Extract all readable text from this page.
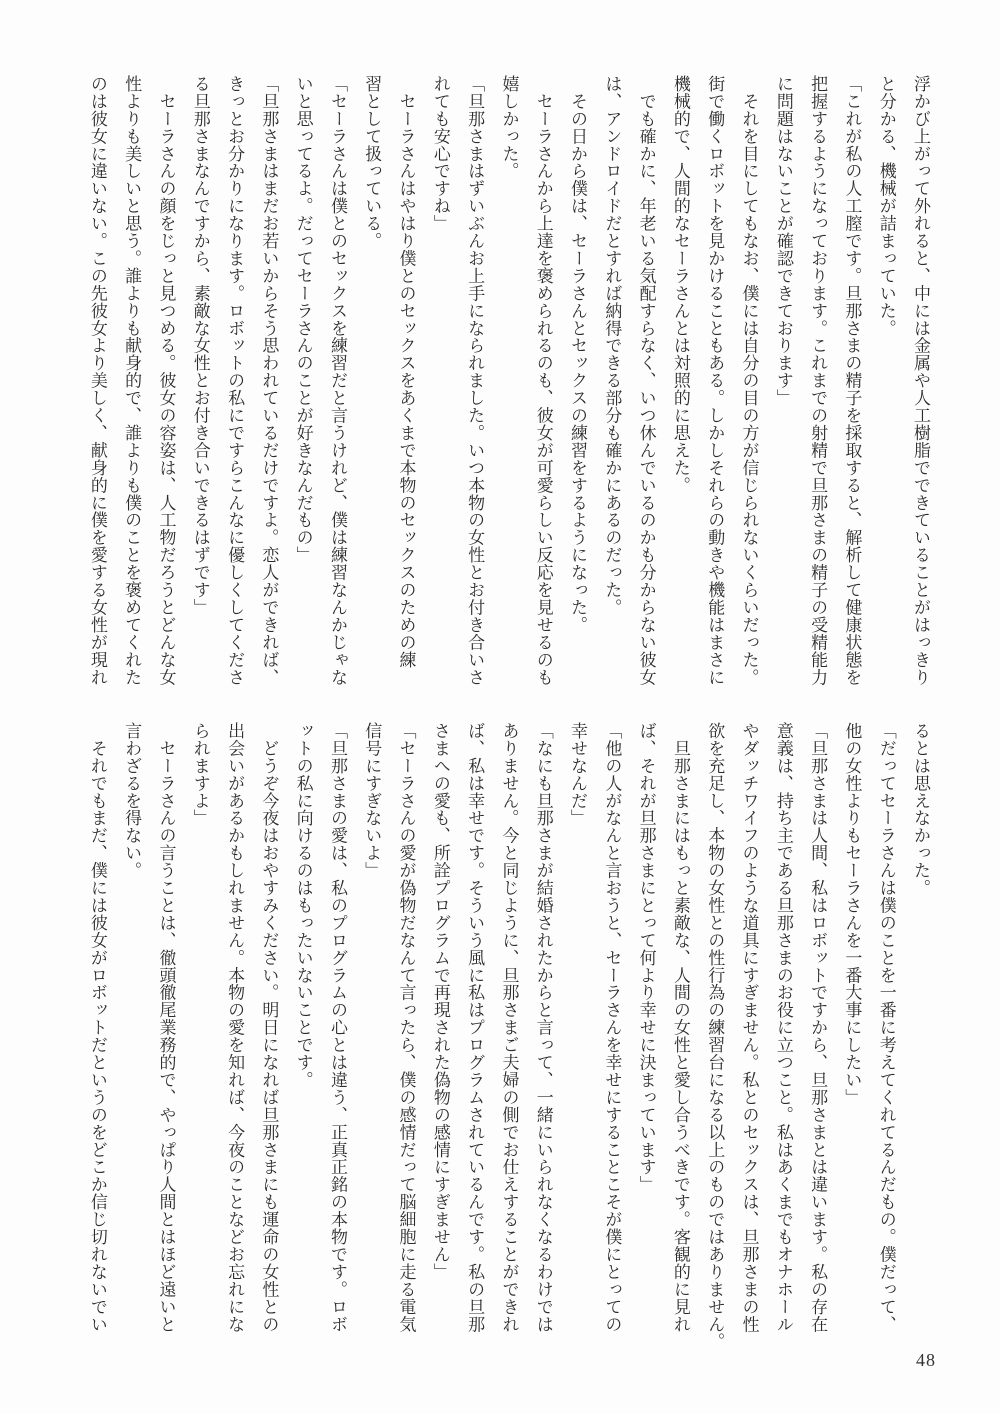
浮かび上がって外れると、中には金属や人工樹脂でできていることがはっきり

と分かる、機械が詰まっていた。

「これが私の人工膣です。旦那さまの精子を採取すると、解析して健康状態を

把握するようになっております。これまでの射精で旦那さまの精子の受精能力

に問題はないことが確認できております」

　それを目にしてもなお、僕には自分の目の方が信じられないくらいだった。

街で働くロボットを見かけることもある。しかしそれらの動きや機能はまさに

機械的で、人間的なセーラさんとは対照的に思えた。

　でも確かに、年老いる気配すらなく、いつ休んでいるのかも分からない彼女

は、アンドロイドだとすれば納得できる部分も確かにあるのだった。

　その日から僕は、セーラさんとセックスの練習をするようになった。

　セーラさんから上達を褒められるのも、彼女が可愛らしい反応を見せるのも

嬉しかった。

「旦那さまはずいぶんお上手になられました。いつ本物の女性とお付き合いさ

れても安心ですね」

　セーラさんはやはり僕とのセックスをあくまで本物のセックスのための練

習として扱っている。

「セーラさんは僕とのセックスを練習だと言うけれど、僕は練習なんかじゃな

いと思ってるよ。だってセーラさんのことが好きなんだもの」

「旦那さまはまだお若いからそう思われているだけですよ。恋人ができれば、

きっとお分かりになります。ロボットの私にですらこんなに優しくしてくださ

る旦那さまなんですから、素敵な女性とお付き合いできるはずです」

　セーラさんの顔をじっと見つめる。彼女の容姿は、人工物だろうとどんな女

性よりも美しいと思う。誰よりも献身的で、誰よりも僕のことを褒めてくれた

のは彼女に違いない。この先彼女より美しく、献身的に僕を愛する女性が現れ

るとは思えなかった。

「だってセーラさんは僕のことを一番に考えてくれてるんだもの。僕だって、

他の女性よりもセーラさんを一番大事にしたい」

「旦那さまは人間、私はロボットですから、旦那さまとは違います。私の存在

意義は、持ち主である旦那さまのお役に立つこと。私はあくまでもオナホール

やダッチワイフのような道具にすぎません。私とのセックスは、旦那さまの性

欲を充足し、本物の女性との性行為の練習台になる以上のものではありません。

　旦那さまにはもっと素敵な、人間の女性と愛し合うべきです。客観的に見れ

ば、それが旦那さまにとって何より幸せに決まっています」

「他の人がなんと言おうと、セーラさんを幸せにすることこそが僕にとっての

幸せなんだ」

「なにも旦那さまが結婚されたからと言って、一緒にいられなくなるわけでは

ありません。今と同じように、旦那さまご夫婦の側でお仕えすることができれ

ば、私は幸せです。そういう風に私はプログラムされているんです。私の旦那

さまへの愛も、所詮プログラムで再現された偽物の感情にすぎません」

「セーラさんの愛が偽物だなんて言ったら、僕の感情だって脳細胞に走る電気

信号にすぎないよ」

「旦那さまの愛は、私のプログラムの心とは違う、正真正銘の本物です。ロボ

ットの私に向けるのはもったいないことです。

　どうぞ今夜はおやすみください。明日になれば旦那さまにも運命の女性との

出会いがあるかもしれません。本物の愛を知れば、今夜のことなどお忘れにな

られますよ」

　セーラさんの言うことは、徹頭徹尾業務的で、やっぱり人間とはほど遠いと

言わざるを得ない。

　それでもまだ、僕には彼女がロボットだというのをどこか信じ切れないでい

48
